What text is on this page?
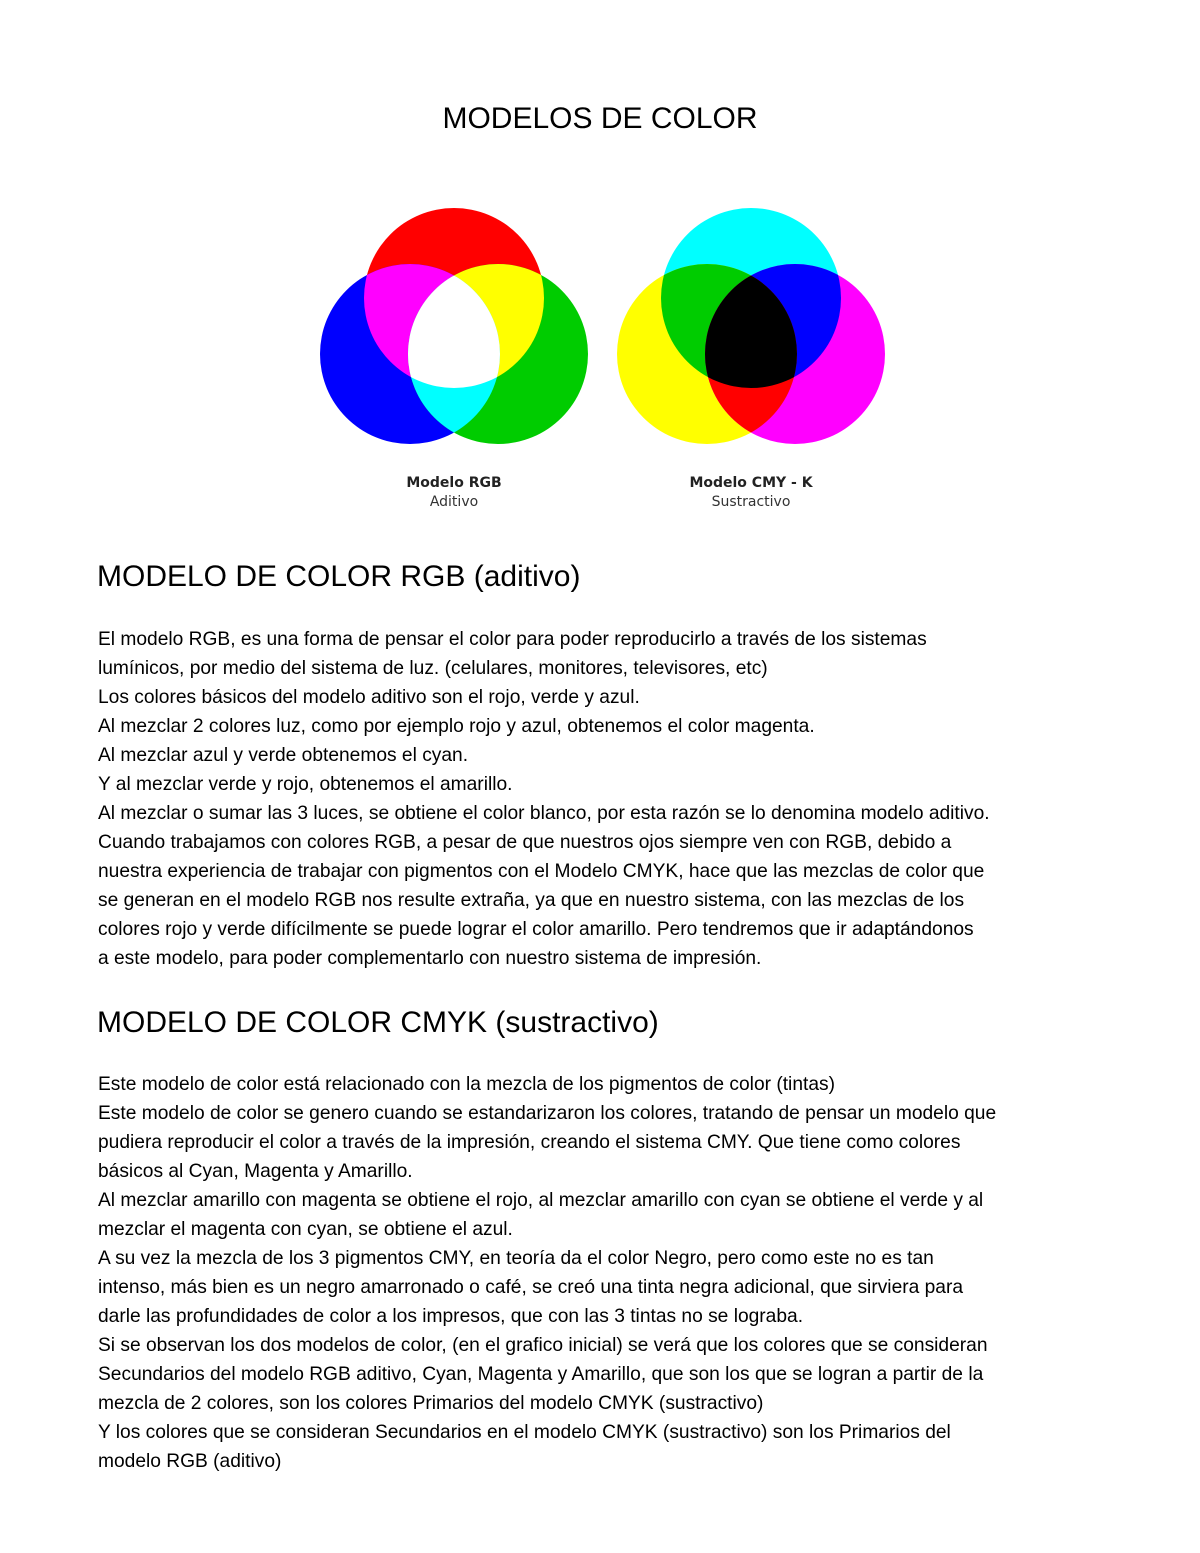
MODELOS DE COLOR
Modelo RGB
Aditivo
Modelo CMY - K
Sustractivo
MODELO DE COLOR RGB (aditivo)
El modelo RGB, es una forma de pensar el color para poder reproducirlo a través de los sistemas
lumínicos, por medio del sistema de luz. (celulares, monitores, televisores, etc)
Los colores básicos del modelo aditivo son el rojo, verde y azul.
Al mezclar 2 colores luz, como por ejemplo rojo y azul, obtenemos el color magenta.
Al mezclar azul y verde obtenemos el cyan.
Y al mezclar verde y rojo, obtenemos el amarillo.
Al mezclar o sumar las 3 luces, se obtiene el color blanco, por esta razón se lo denomina modelo aditivo.
Cuando trabajamos con colores RGB, a pesar de que nuestros ojos siempre ven con RGB, debido a
nuestra experiencia de trabajar con pigmentos con el Modelo CMYK, hace que las mezclas de color que
se generan en el modelo RGB nos resulte extraña, ya que en nuestro sistema, con las mezclas de los
colores rojo y verde difícilmente se puede lograr el color amarillo. Pero tendremos que ir adaptándonos
a este modelo, para poder complementarlo con nuestro sistema de impresión.
MODELO DE COLOR CMYK (sustractivo)
Este modelo de color está relacionado con la mezcla de los pigmentos de color (tintas)
Este modelo de color se genero cuando se estandarizaron los colores, tratando de pensar un modelo que
pudiera reproducir el color a través de la impresión, creando el sistema CMY. Que tiene como colores
básicos al Cyan, Magenta y Amarillo.
Al mezclar amarillo con magenta se obtiene el rojo, al mezclar amarillo con cyan se obtiene el verde y al
mezclar el magenta con cyan, se obtiene el azul.
A su vez la mezcla de los 3 pigmentos CMY, en teoría da el color Negro, pero como este no es tan
intenso, más bien es un negro amarronado o café, se creó una tinta negra adicional, que sirviera para
darle las profundidades de color a los impresos, que con las 3 tintas no se lograba.
Si se observan los dos modelos de color, (en el grafico inicial) se verá que los colores que se consideran
Secundarios del modelo RGB aditivo, Cyan, Magenta y Amarillo, que son los que se logran a partir de la
mezcla de 2 colores, son los colores Primarios del modelo CMYK (sustractivo)
Y los colores que se consideran Secundarios en el modelo CMYK (sustractivo) son los Primarios del
modelo RGB (aditivo)
